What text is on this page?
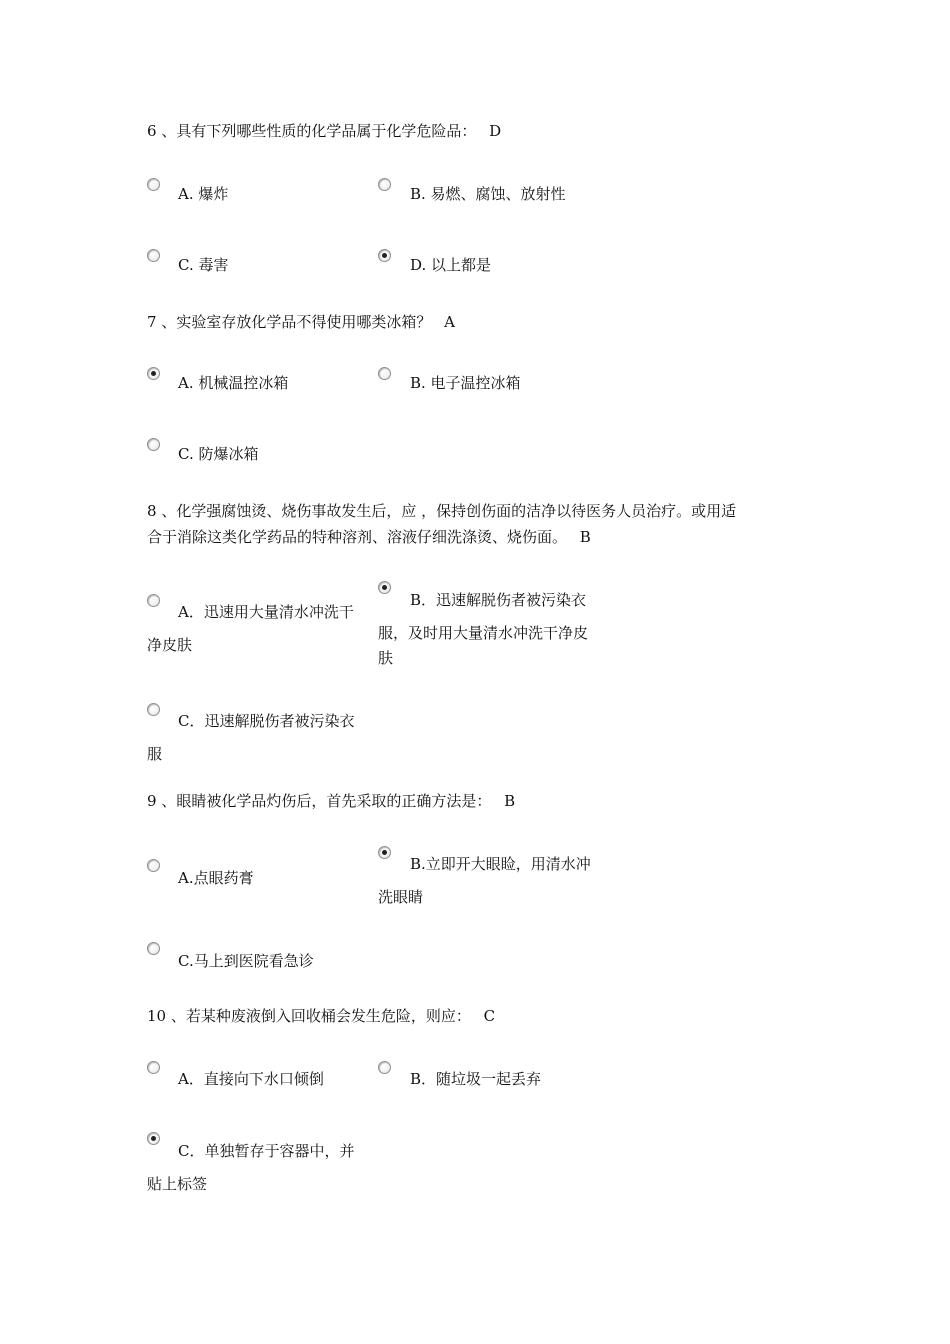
6 、具有下列哪些性质的化学品属于化学危险品： D
A. 爆炸	B. 易燃、腐蚀、放射性
C. 毒害	D. 以上都是
7 、实验室存放化学品不得使用哪类冰箱？ A
A. 机械温控冰箱	B. 电子温控冰箱
C. 防爆冰箱
8 、化学强腐蚀烫、烧伤事故发生后，应 ，保持创伤面的洁净以待医务人员治疗。或用适
合于消除这类化学药品的特种溶剂、溶液仔细洗涤烫、烧伤面。 B
A．迅速用大量清水冲洗干
净皮肤
B．迅速解脱伤者被污染衣
服，及时用大量清水冲洗干净皮
肤
C．迅速解脱伤者被污染衣
服
9 、眼睛被化学品灼伤后，首先采取的正确方法是： B
A.点眼药膏
B.立即开大眼睑，用清水冲
洗眼睛
C.马上到医院看急诊
10 、若某种废液倒入回收桶会发生危险，则应： C
A．直接向下水口倾倒	B．随垃圾一起丢弃
C．单独暂存于容器中，并
贴上标签
